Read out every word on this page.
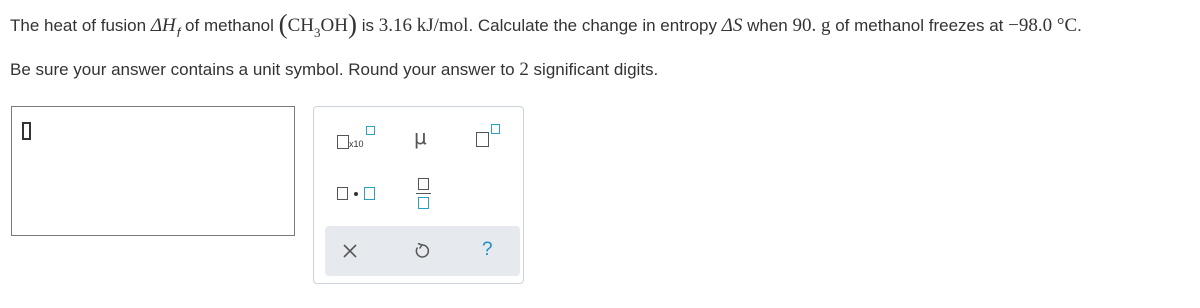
The heat of fusion $\Delta H_f$ of methanol $(CH_3OH)$ is 3.16 kJ/mol. Calculate the change in entropy ΔS when 90. g of methanol freezes at −98.0 °C.
Be sure your answer contains a unit symbol. Round your answer to 2 significant digits.
x10	μ
?
